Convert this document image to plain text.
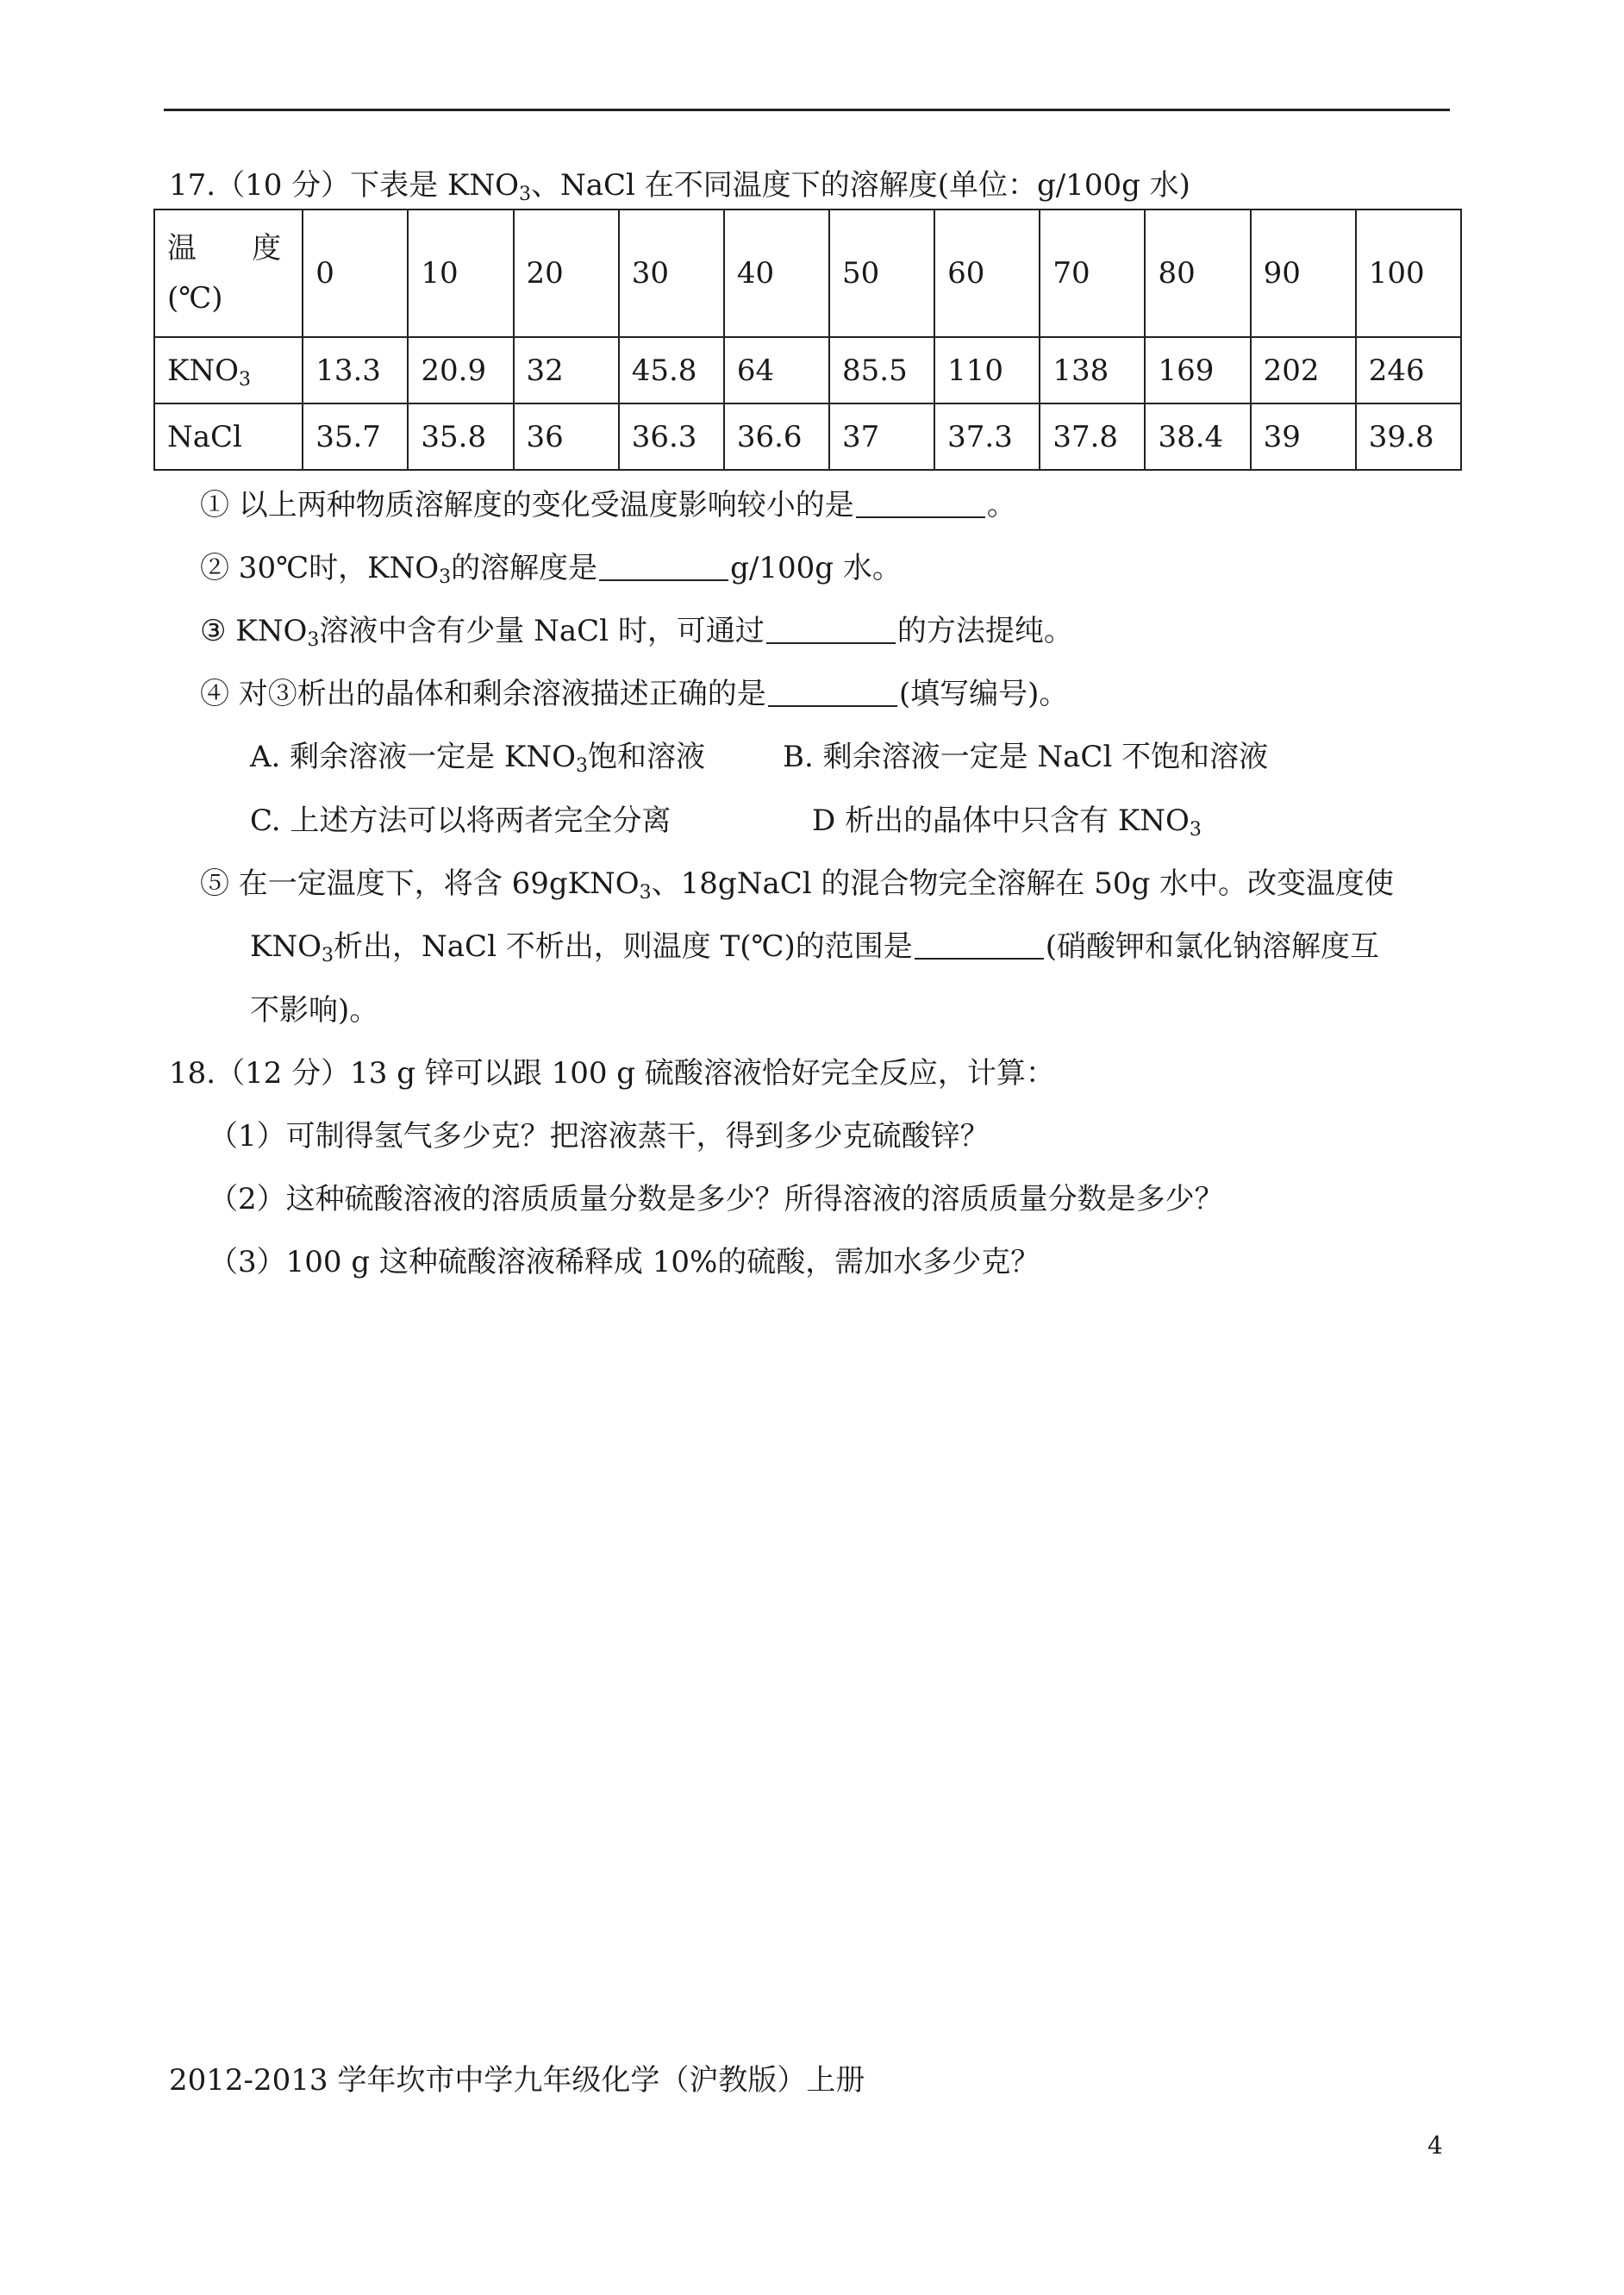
17.（10 分）下表是 $KNO_3$、NaCl 在不同温度下的溶解度(单位：g/100g 水)
温 度
(℃)	0	10	20	30	40	50	60	70	80	90	100
$KNO_3$	13.3	20.9	32	45.8	64	85.5	110	138	169	202	246
NaCl	35.7	35.8	36	36.3	36.6	37	37.3	37.8	38.4	39	39.8
① 以上两种物质溶解度的变化受温度影响较小的是	。
② 30℃时，$KNO_3$的溶解度是	g/100g 水。
③ $KNO_3$溶液中含有少量 NaCl 时，可通过	的方法提纯。
④ 对③析出的晶体和剩余溶液描述正确的是	(填写编号)。
A. 剩余溶液一定是 $KNO_3$饱和溶液	B. 剩余溶液一定是 NaCl 不饱和溶液
C. 上述方法可以将两者完全分离	D 析出的晶体中只含有 $KNO_3$
⑤ 在一定温度下，将含 69gKNO$_3$、18gNaCl 的混合物完全溶解在 50g 水中。改变温度使
$KNO_3$析出，NaCl 不析出，则温度 T(℃)的范围是	(硝酸钾和氯化钠溶解度互
不影响)。
18.（12 分）13 g 锌可以跟 100 g 硫酸溶液恰好完全反应，计算：
（1）可制得氢气多少克？把溶液蒸干，得到多少克硫酸锌？
（2）这种硫酸溶液的溶质质量分数是多少？所得溶液的溶质质量分数是多少？
（3）100 g 这种硫酸溶液稀释成 10%的硫酸，需加水多少克？
2012-2013 学年坎市中学九年级化学（沪教版）上册
4
